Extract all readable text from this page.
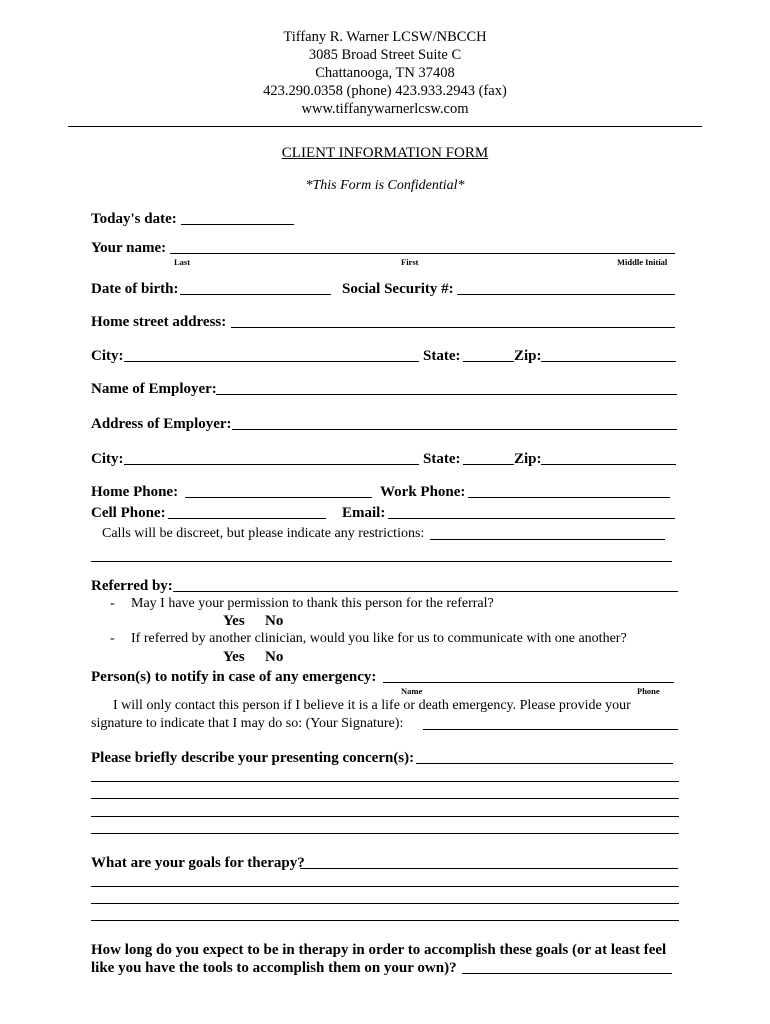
Tiffany R. Warner LCSW/NBCCH
3085 Broad Street Suite C
Chattanooga, TN 37408
423.290.0358 (phone) 423.933.2943 (fax)
www.tiffanywarnerlcsw.com
CLIENT INFORMATION FORM
*This Form is Confidential*
Today's date:
Your name:
Last	First	Middle Initial
Date of birth:	Social Security #:
Home street address:
City:	State:	Zip:
Name of Employer:
Address of Employer:
City:	State:	Zip:
Home Phone:	Work Phone:
Cell Phone:	Email:
Calls will be discreet, but please indicate any restrictions:
Referred by:
- May I have your permission to thank this person for the referral?
Yes No
- If referred by another clinician, would you like for us to communicate with one another?
Yes No
Person(s) to notify in case of any emergency:
Name	Phone
I will only contact this person if I believe it is a life or death emergency. Please provide your
signature to indicate that I may do so: (Your Signature):
Please briefly describe your presenting concern(s):
What are your goals for therapy?
How long do you expect to be in therapy in order to accomplish these goals (or at least feel
like you have the tools to accomplish them on your own)?
